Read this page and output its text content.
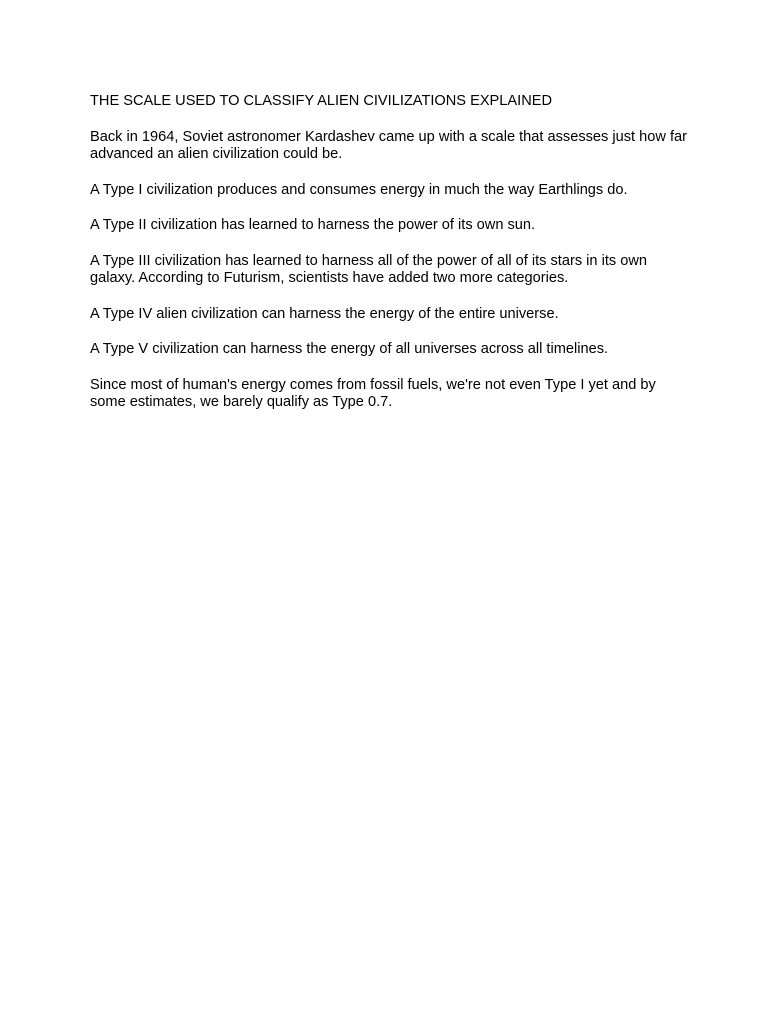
THE SCALE USED TO CLASSIFY ALIEN CIVILIZATIONS EXPLAINED

Back in 1964, Soviet astronomer Kardashev came up with a scale that assesses just how far advanced an alien civilization could be.

A Type I civilization produces and consumes energy in much the way Earthlings do.

A Type II civilization has learned to harness the power of its own sun.

A Type III civilization has learned to harness all of the power of all of its stars in its own galaxy. According to Futurism, scientists have added two more categories.

A Type IV alien civilization can harness the energy of the entire universe.

A Type V civilization can harness the energy of all universes across all timelines.

Since most of human's energy comes from fossil fuels, we're not even Type I yet and by some estimates, we barely qualify as Type 0.7.
